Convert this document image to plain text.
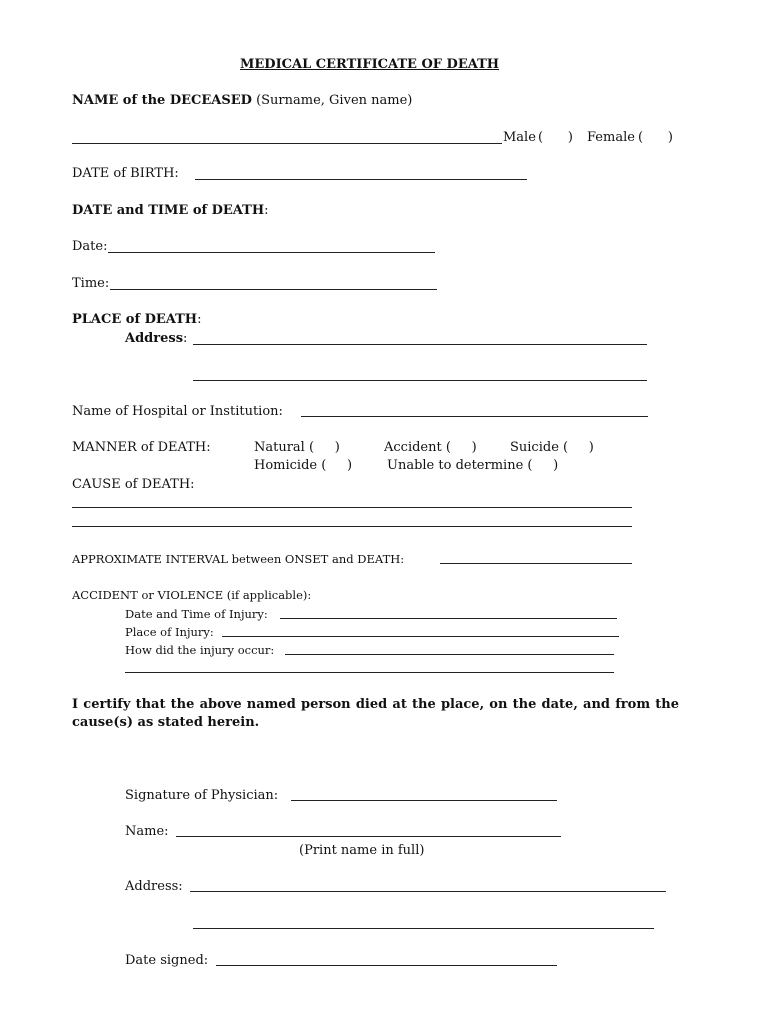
MEDICAL CERTIFICATE OF DEATH
NAME of the DECEASED (Surname, Given name)
Male (      ) Female (      )
DATE of BIRTH:
DATE and TIME of DEATH:
Date:
Time:
PLACE of DEATH:
Address:
Name of Hospital or Institution:
MANNER of DEATH:	Natural ( )	Accident ( )	Suicide ( )
Homicide ( )	Unable to determine ( )
CAUSE of DEATH:
APPROXIMATE INTERVAL between ONSET and DEATH:
ACCIDENT or VIOLENCE (if applicable):
Date and Time of Injury:
Place of Injury:
How did the injury occur:
I certify that the above named person died at the place, on the date, and from the cause(s) as stated herein.
Signature of Physician:
Name:
(Print name in full)
Address:
Date signed:
